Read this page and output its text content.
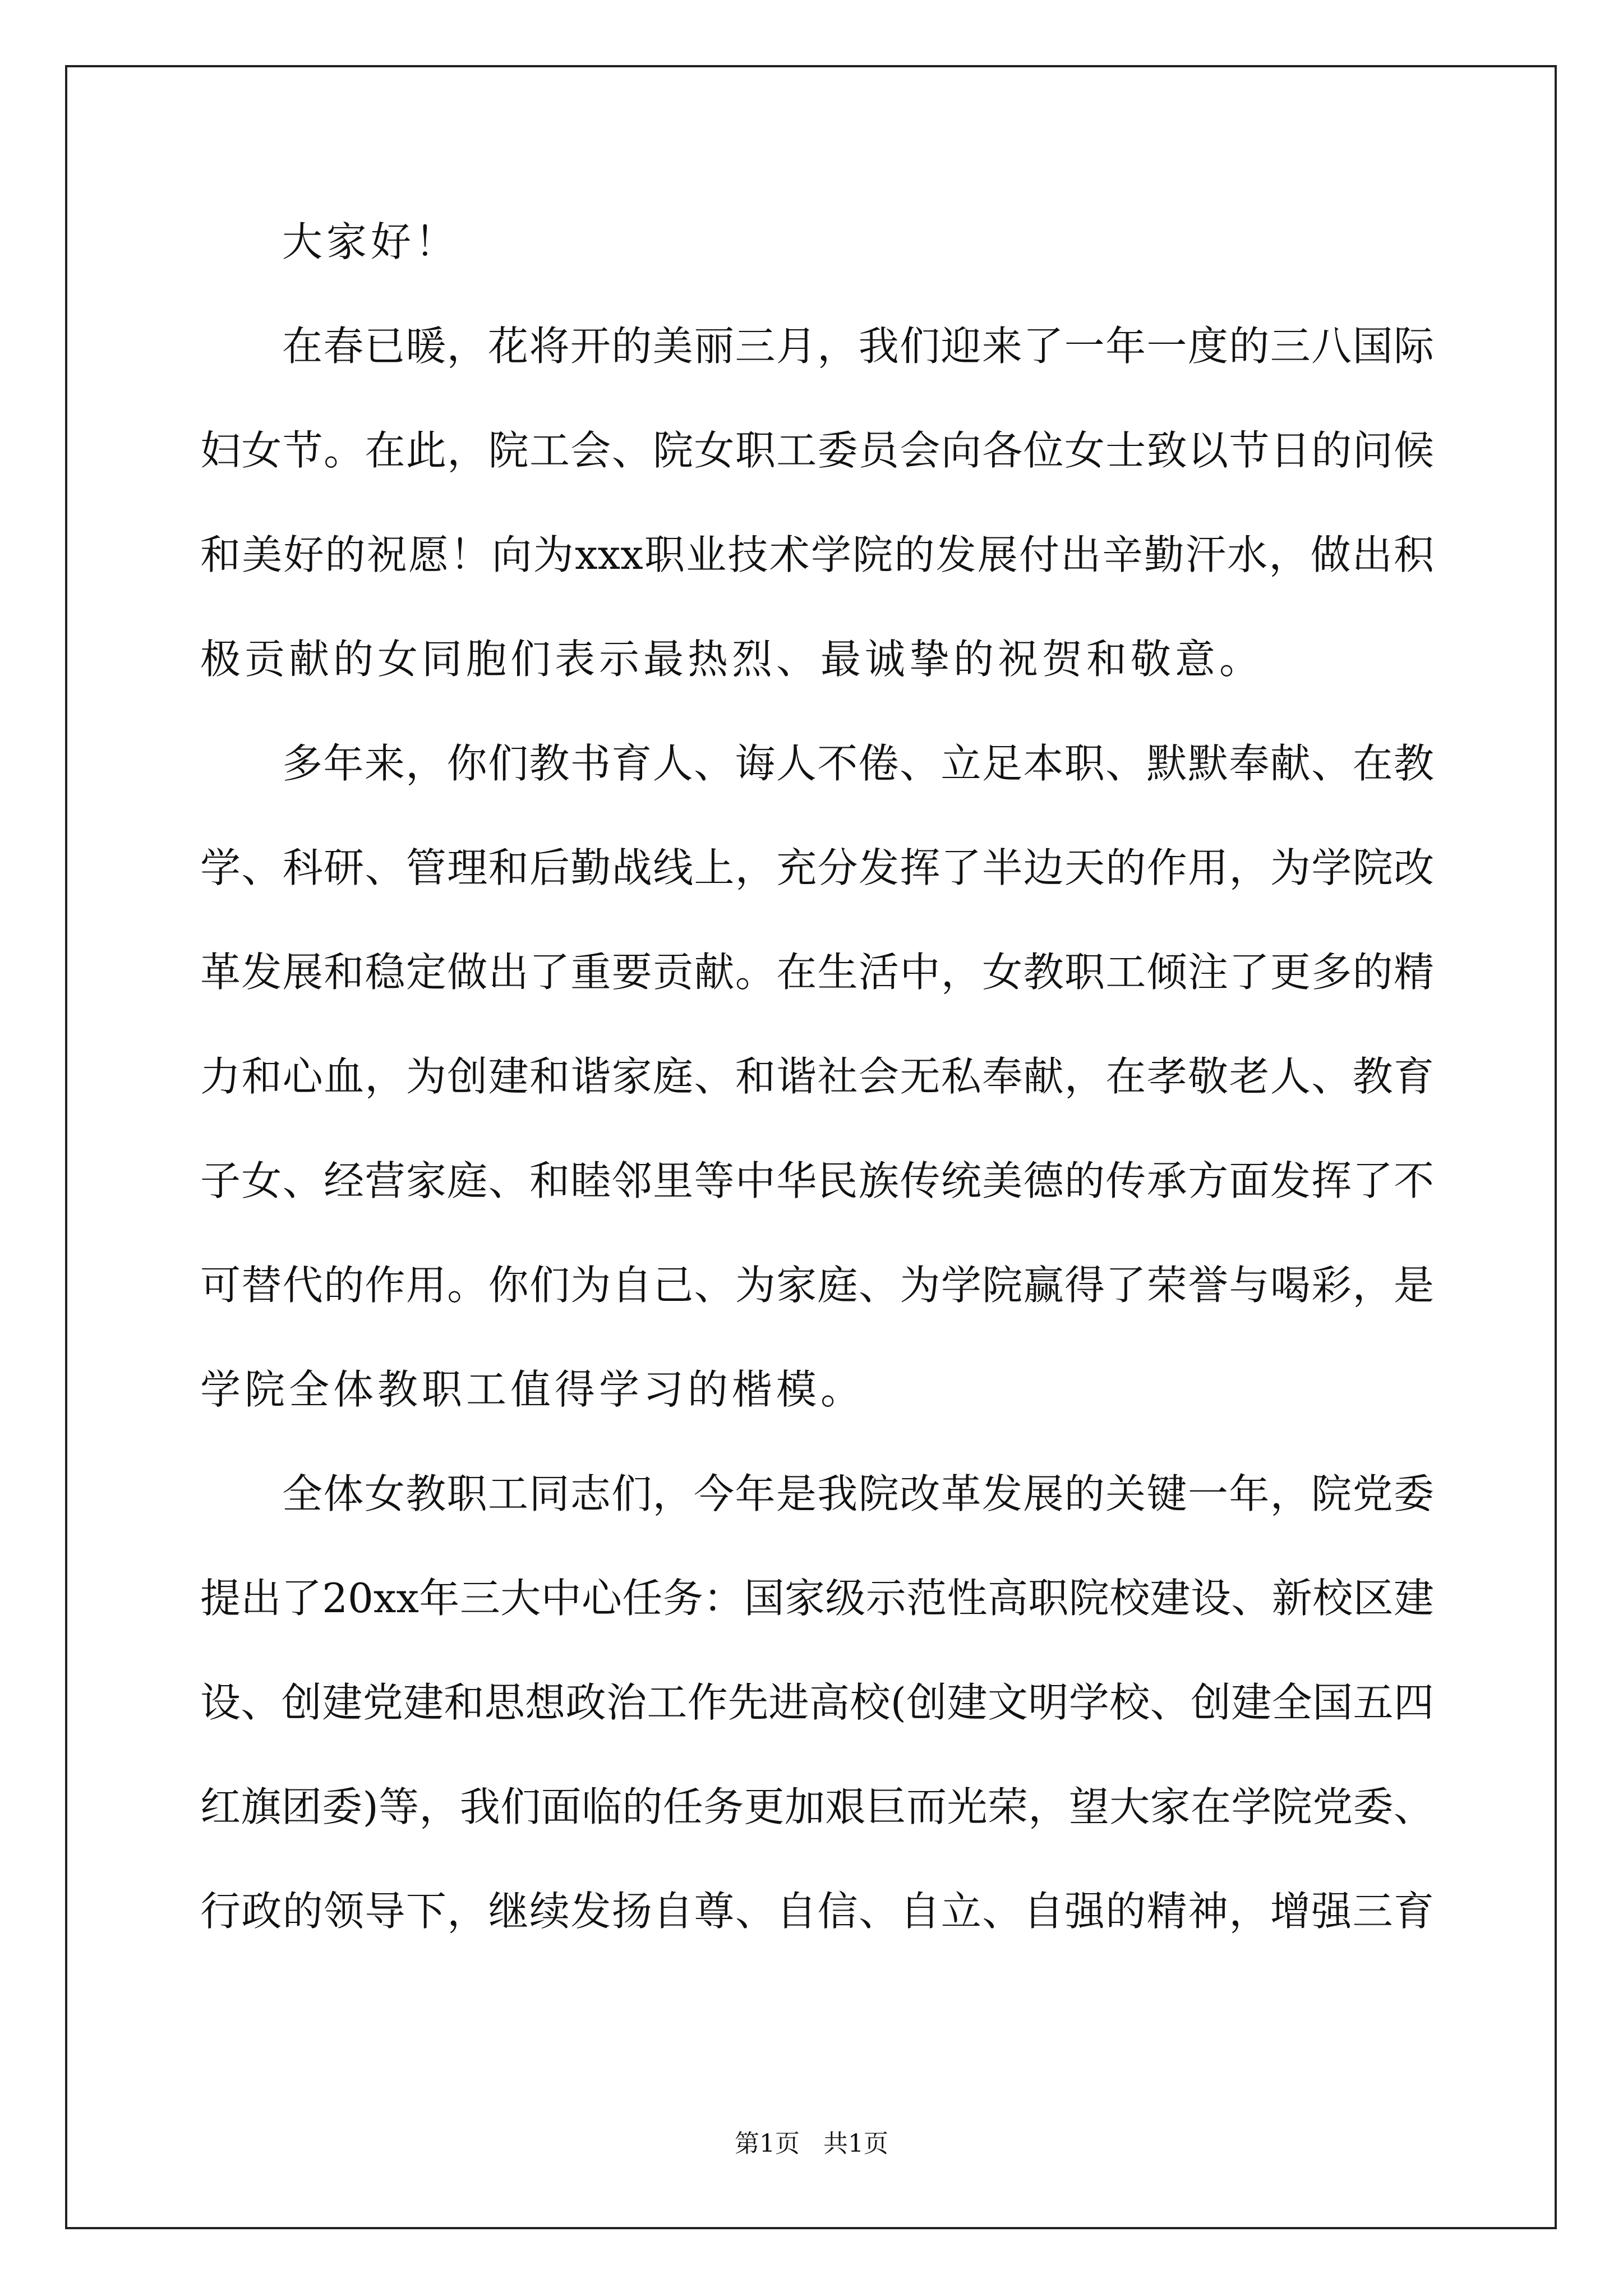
大家好！
在春已暖，花将开的美丽三月，我们迎来了一年一度的三八国际
妇女节。在此，院工会、院女职工委员会向各位女士致以节日的问候
和美好的祝愿！向为xxx职业技术学院的发展付出辛勤汗水，做出积
极贡献的女同胞们表示最热烈、最诚挚的祝贺和敬意。
多年来，你们教书育人、诲人不倦、立足本职、默默奉献、在教
学、科研、管理和后勤战线上，充分发挥了半边天的作用，为学院改
革发展和稳定做出了重要贡献。在生活中，女教职工倾注了更多的精
力和心血，为创建和谐家庭、和谐社会无私奉献，在孝敬老人、教育
子女、经营家庭、和睦邻里等中华民族传统美德的传承方面发挥了不
可替代的作用。你们为自己、为家庭、为学院赢得了荣誉与喝彩，是
学院全体教职工值得学习的楷模。
全体女教职工同志们，今年是我院改革发展的关键一年，院党委
提出了20xx年三大中心任务：国家级示范性高职院校建设、新校区建
设、创建党建和思想政治工作先进高校(创建文明学校、创建全国五四
红旗团委)等，我们面临的任务更加艰巨而光荣，望大家在学院党委、
行政的领导下，继续发扬自尊、自信、自立、自强的精神，增强三育
第1页 共1页
